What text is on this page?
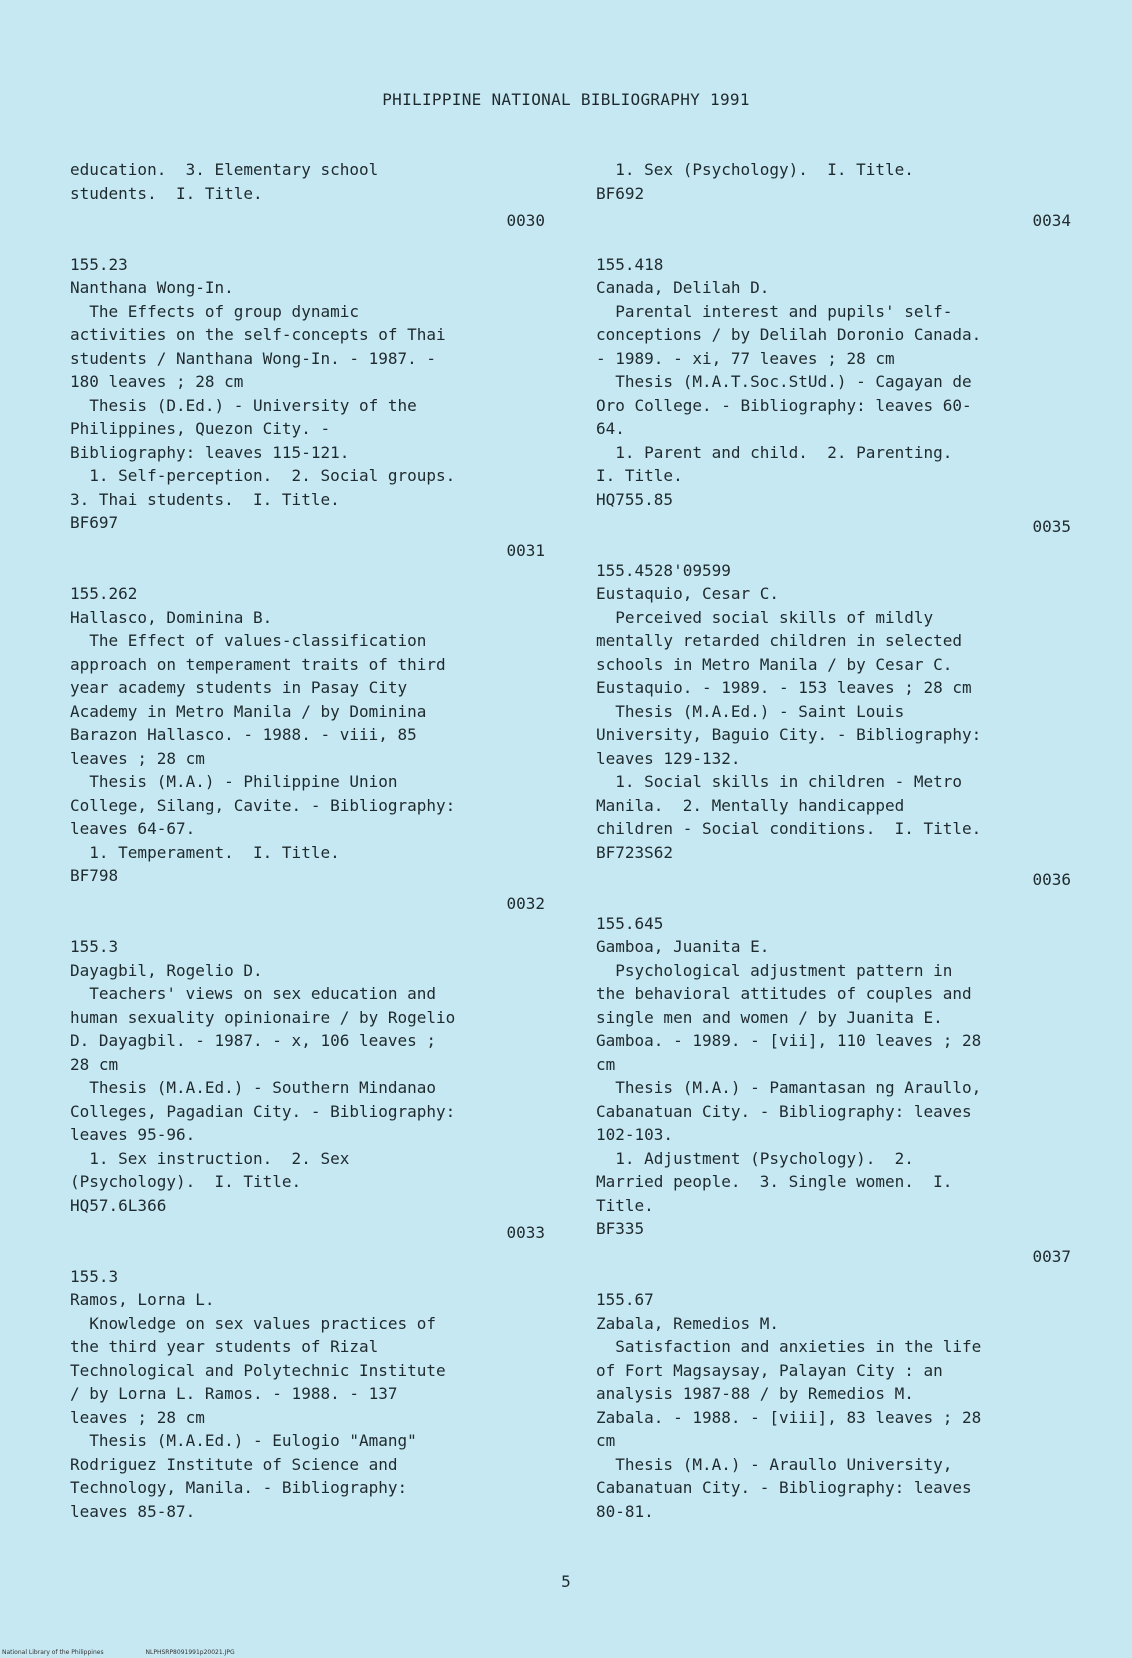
PHILIPPINE NATIONAL BIBLIOGRAPHY 1991
education.  3. Elementary school
students.  I. Title.
0030
155.23
Nanthana Wong-In.
The Effects of group dynamic
activities on the self-concepts of Thai
students / Nanthana Wong-In. - 1987. -
180 leaves ; 28 cm
Thesis (D.Ed.) - University of the
Philippines, Quezon City. -
Bibliography: leaves 115-121.
1. Self-perception.  2. Social groups.
3. Thai students.  I. Title.
BF697
0031
155.262
Hallasco, Dominina B.
The Effect of values-classification
approach on temperament traits of third
year academy students in Pasay City
Academy in Metro Manila / by Dominina
Barazon Hallasco. - 1988. - viii, 85
leaves ; 28 cm
Thesis (M.A.) - Philippine Union
College, Silang, Cavite. - Bibliography:
leaves 64-67.
1. Temperament.  I. Title.
BF798
0032
155.3
Dayagbil, Rogelio D.
Teachers' views on sex education and
human sexuality opinionaire / by Rogelio
D. Dayagbil. - 1987. - x, 106 leaves ;
28 cm
Thesis (M.A.Ed.) - Southern Mindanao
Colleges, Pagadian City. - Bibliography:
leaves 95-96.
1. Sex instruction.  2. Sex
(Psychology).  I. Title.
HQ57.6L366
0033
155.3
Ramos, Lorna L.
Knowledge on sex values practices of
the third year students of Rizal
Technological and Polytechnic Institute
/ by Lorna L. Ramos. - 1988. - 137
leaves ; 28 cm
Thesis (M.A.Ed.) - Eulogio "Amang"
Rodriguez Institute of Science and
Technology, Manila. - Bibliography:
leaves 85-87.
1. Sex (Psychology).  I. Title.
BF692
0034
155.418
Canada, Delilah D.
Parental interest and pupils' self-
conceptions / by Delilah Doronio Canada.
- 1989. - xi, 77 leaves ; 28 cm
Thesis (M.A.T.Soc.StUd.) - Cagayan de
Oro College. - Bibliography: leaves 60-
64.
1. Parent and child.  2. Parenting.
I. Title.
HQ755.85
0035
155.4528'09599
Eustaquio, Cesar C.
Perceived social skills of mildly
mentally retarded children in selected
schools in Metro Manila / by Cesar C.
Eustaquio. - 1989. - 153 leaves ; 28 cm
Thesis (M.A.Ed.) - Saint Louis
University, Baguio City. - Bibliography:
leaves 129-132.
1. Social skills in children - Metro
Manila.  2. Mentally handicapped
children - Social conditions.  I. Title.
BF723S62
0036
155.645
Gamboa, Juanita E.
Psychological adjustment pattern in
the behavioral attitudes of couples and
single men and women / by Juanita E.
Gamboa. - 1989. - [vii], 110 leaves ; 28
cm
Thesis (M.A.) - Pamantasan ng Araullo,
Cabanatuan City. - Bibliography: leaves
102-103.
1. Adjustment (Psychology).  2.
Married people.  3. Single women.  I.
Title.
BF335
0037
155.67
Zabala, Remedios M.
Satisfaction and anxieties in the life
of Fort Magsaysay, Palayan City : an
analysis 1987-88 / by Remedios M.
Zabala. - 1988. - [viii], 83 leaves ; 28
cm
Thesis (M.A.) - Araullo University,
Cabanatuan City. - Bibliography: leaves
80-81.
5
National Library of the Philippines	NLPHSRP8091991p20021.JPG
